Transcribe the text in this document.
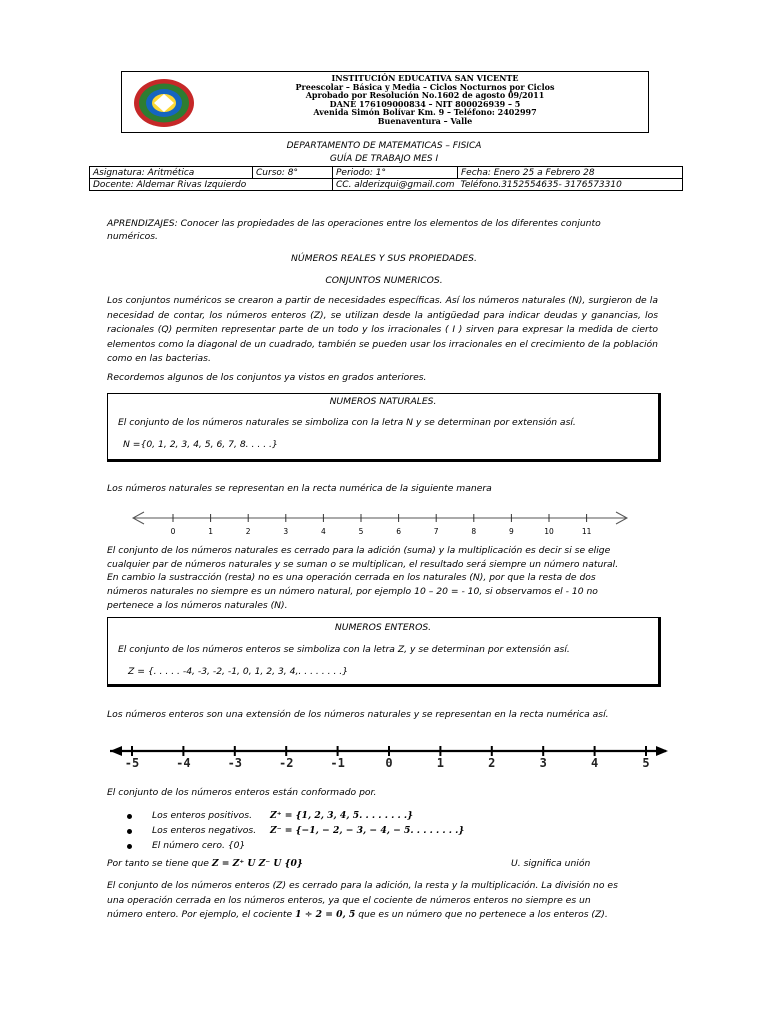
INSTITUCIÓN EDUCATIVA SAN VICENTE
Preescolar – Básica y Media – Ciclos Nocturnos por Ciclos
Aprobado por Resolución No.1602 de agosto 09/2011
DANE 176109000834 – NIT 800026939 – 5
Avenida Simón Bolívar Km. 9 – Teléfono: 2402997
Buenaventura – Valle
DEPARTAMENTO DE MATEMATICAS – FISICA
GUÍA DE TRABAJO MES I
Asignatura: Aritmética	Curso: 8°	Periodo: 1°	Fecha: Enero 25 a Febrero 28
Docente: Aldemar Rivas Izquierdo		CC. alderizqui@gmail.com	Teléfono.3152554635- 3176573310
APRENDIZAJES: Conocer las propiedades de las operaciones entre los elementos de los diferentes conjunto numéricos.
NÚMEROS REALES Y SUS PROPIEDADES.
CONJUNTOS NUMERICOS.
Los conjuntos numéricos se crearon a partir de necesidades específicas. Así los números naturales (N), surgieron de la necesidad de contar, los números enteros (Z), se utilizan desde la antigüedad para indicar deudas y ganancias, los racionales (Q) permiten representar parte de un todo y los irracionales ( I ) sirven para expresar la medida de cierto elementos como la diagonal de un cuadrado, también se pueden usar los irracionales en el crecimiento de la población como en las bacterias.
Recordemos algunos de los conjuntos ya vistos en grados anteriores.
NUMEROS NATURALES.
El conjunto de los números naturales se simboliza con la letra N y se determinan por extensión así.
N ={0, 1, 2, 3, 4, 5, 6, 7, 8. . . . .}
Los números naturales se representan en la recta numérica de la siguiente manera
0	1	2	3	4	5	6	7	8	9	10	11
El conjunto de los números naturales es cerrado para la adición (suma) y la multiplicación es decir si se elige
cualquier par de números naturales y se suman o se multiplican, el resultado será siempre un número natural.
En cambio la sustracción (resta) no es una operación cerrada en los naturales (N), por que la resta de dos
números naturales no siempre es un número natural, por ejemplo 10 – 20 = - 10, si observamos el - 10 no
pertenece a los números naturales (N).
NUMEROS ENTEROS.
El conjunto de los números enteros se simboliza con la letra Z, y se determinan por extensión así.
Z = {. . . . . -4, -3, -2, -1, 0, 1, 2, 3, 4,. . . . . . . .}
Los números enteros son una extensión de los números naturales y se representan en la recta numérica así.
-5	-4	-3	-2	-1	0	1	2	3	4	5
El conjunto de los números enteros están conformado por.
Los enteros positivos. Z⁺ = {1, 2, 3, 4, 5. . . . . . . .}
Los enteros negativos. Z⁻ = {−1, − 2, − 3, − 4, − 5. . . . . . . .}
El número cero. {0}
Por tanto se tiene que Z = Z⁺ U Z⁻ U {0}	U. significa unión
El conjunto de los números enteros (Z) es cerrado para la adición, la resta y la multiplicación. La división no es
una operación cerrada en los números enteros, ya que el cociente de números enteros no siempre es un
número entero. Por ejemplo, el cociente 1 ÷ 2 = 0, 5 que es un número que no pertenece a los enteros (Z).
